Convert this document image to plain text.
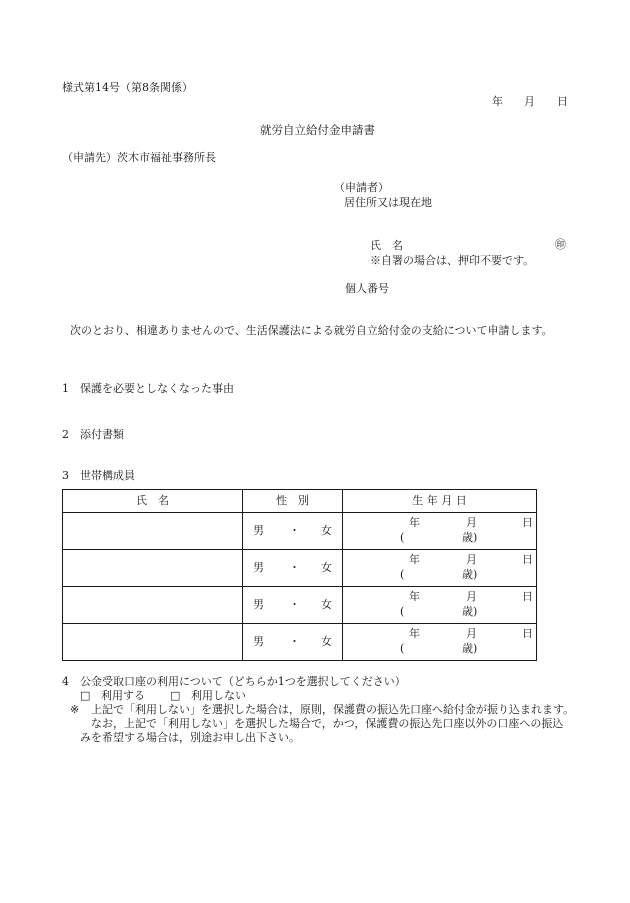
様式第14号（第8条関係）
年 月 日
就労自立給付金申請書
（申請先）茨木市福祉事務所長
（申請者）
居住所又は現在地
氏 名	㊞
※自署の場合は、押印不要です。
個人番号
次のとおり、相違ありませんので、生活保護法による就労自立給付金の支給について申請します。
1　保護を必要としなくなった事由
2　添付書類
3　世帯構成員
氏　名	性　別	生 年 月 日

	男 ・ 女	年 月 日
( 歳)

	男 ・ 女	年 月 日
( 歳)

	男 ・ 女	年 月 日
( 歳)

	男 ・ 女	年 月 日
( 歳)
4　公金受取口座の利用について（どちらか1つを選択してください）
□ 利用する □ 利用しない
※ 上記で「利用しない」を選択した場合は，原則，保護費の振込先口座へ給付金が振り込まれます。
なお，上記で「利用しない」を選択した場合で，かつ，保護費の振込先口座以外の口座への振込
みを希望する場合は，別途お申し出下さい。
